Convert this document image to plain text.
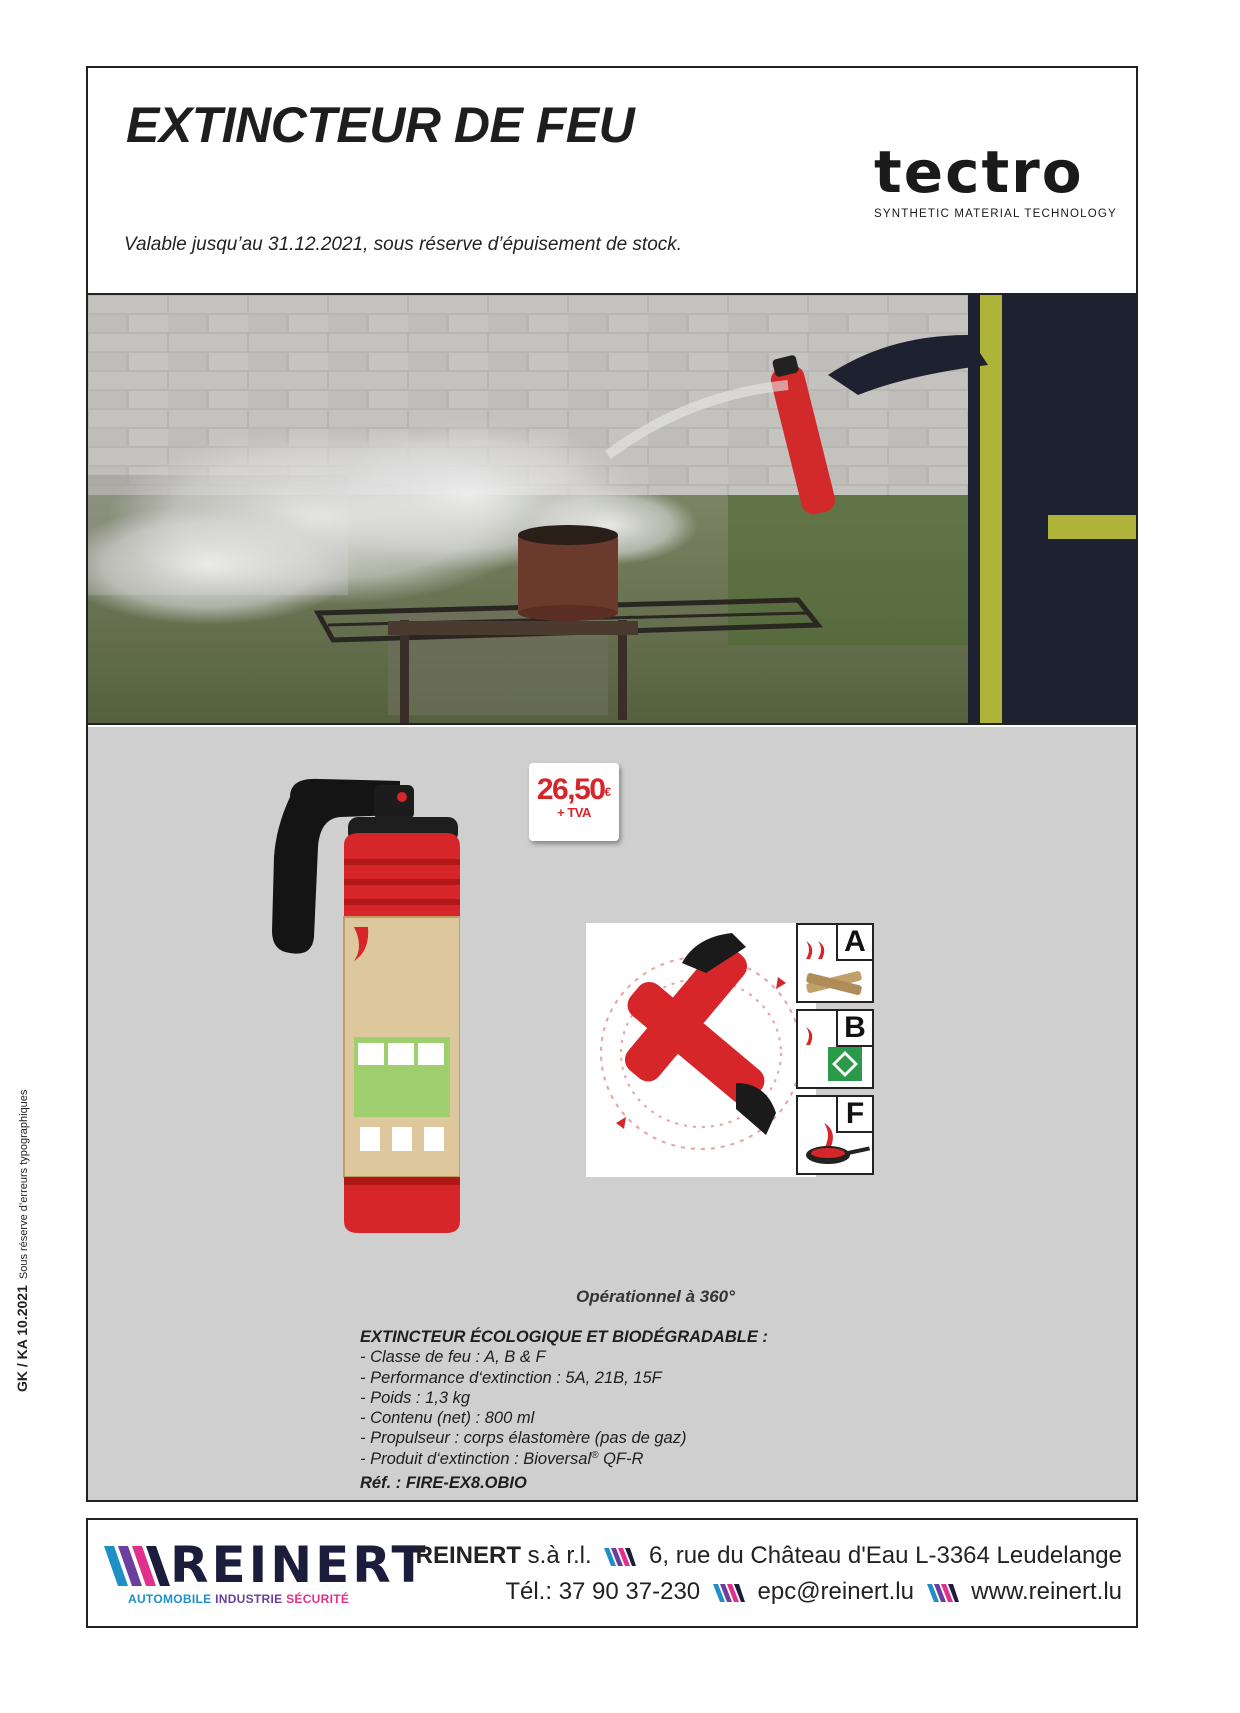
EXTINCTEUR DE FEU
tectro
SYNTHETIC MATERIAL TECHNOLOGY
Valable jusqu’au 31.12.2021, sous réserve d’épuisement de stock.
26,50€
+ TVA
A
B
F
Opérationnel à 360°
EXTINCTEUR ÉCOLOGIQUE ET BIODÉGRADABLE :
- Classe de feu : A, B & F
- Performance d‘extinction : 5A, 21B, 15F
- Poids : 1,3 kg
- Contenu (net) : 800 ml
- Propulseur : corps élastomère (pas de gaz)
- Produit d‘extinction : Bioversal® QF-R
Réf. : FIRE-EX8.OBIO
GK / KA 10.2021Sous réserve d’erreurs typographiques
REINERT
AUTOMOBILE INDUSTRIE SÉCURITÉ
REINERT s.à r.l. 6, rue du Château d'Eau L-3364 Leudelange
Tél.: 37 90 37-230 epc@reinert.lu www.reinert.lu
